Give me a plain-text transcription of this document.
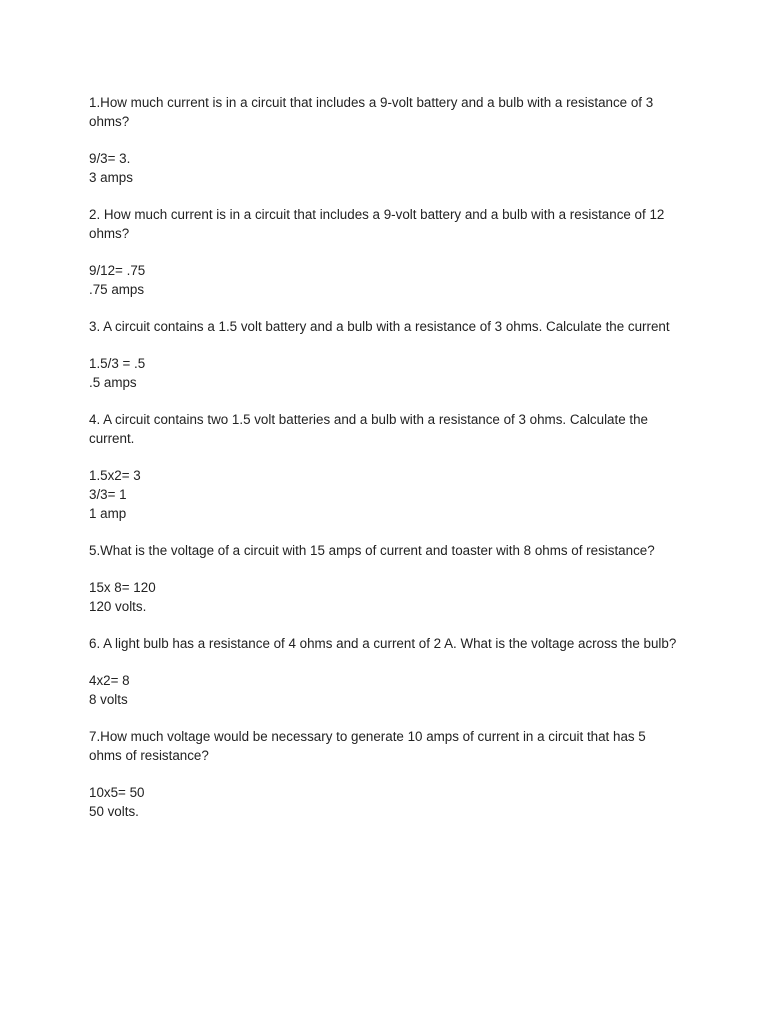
1.How much current is in a circuit that includes a 9-volt battery and a bulb with a resistance of 3 ohms?

9/3= 3.
3 amps

2. How much current is in a circuit that includes a 9-volt battery and a bulb with a resistance of 12 ohms?

9/12= .75
.75 amps

3. A circuit contains a 1.5 volt battery and a bulb with a resistance of 3 ohms. Calculate the current

1.5/3 = .5
.5 amps

4. A circuit contains two 1.5 volt batteries and a bulb with a resistance of 3 ohms. Calculate the current.

1.5x2= 3
3/3= 1
1 amp

5.What is the voltage of a circuit with 15 amps of current and toaster with 8 ohms of resistance?

15x 8= 120
120 volts.

6. A light bulb has a resistance of 4 ohms and a current of 2 A. What is the voltage across the bulb?

4x2= 8
8 volts

7.How much voltage would be necessary to generate 10 amps of current in a circuit that has 5 ohms of resistance?

10x5= 50
50 volts.
